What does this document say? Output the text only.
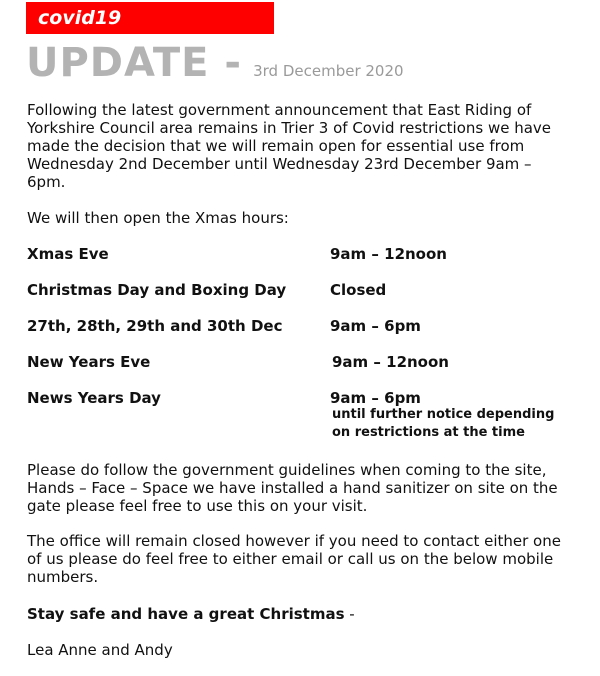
covid19
UPDATE - 3rd December 2020
Following the latest government announcement that East Riding of Yorkshire Council area remains in Trier 3 of Covid restrictions we have made the decision that we will remain open for essential use from Wednesday 2nd December until Wednesday 23rd December 9am – 6pm.
We will then open the Xmas hours:
Xmas Eve	9am – 12noon
Christmas Day and Boxing Day	Closed
27th, 28th, 29th and 30th Dec	9am – 6pm
New Years Eve	9am – 12noon
News Years Day	9am – 6pm
until further notice depending on restrictions at the time
Please do follow the government guidelines when coming to the site, Hands – Face – Space we have installed a hand sanitizer on site on the gate please feel free to use this on your visit.
The office will remain closed however if you need to contact either one of us please do feel free to either email or call us on the below mobile numbers.
Stay safe and have a great Christmas -
Lea Anne and Andy
